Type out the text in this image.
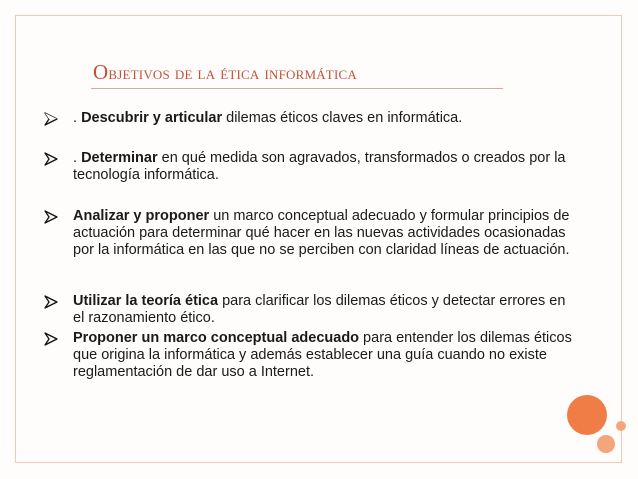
Objetivos de la ética informática
. Descubrir y articular dilemas éticos claves en informática.
. Determinar en qué medida son agravados, transformados o creados por la tecnología informática.
Analizar y proponer un marco conceptual adecuado y formular principios de actuación para determinar qué hacer en las nuevas actividades ocasionadas por la informática en las que no se perciben con claridad líneas de actuación.
Utilizar la teoría ética para clarificar los dilemas éticos y detectar errores en el razonamiento ético.
Proponer un marco conceptual adecuado para entender los dilemas éticos que origina la informática y además establecer una guía cuando no existe reglamentación de dar uso a Internet.
